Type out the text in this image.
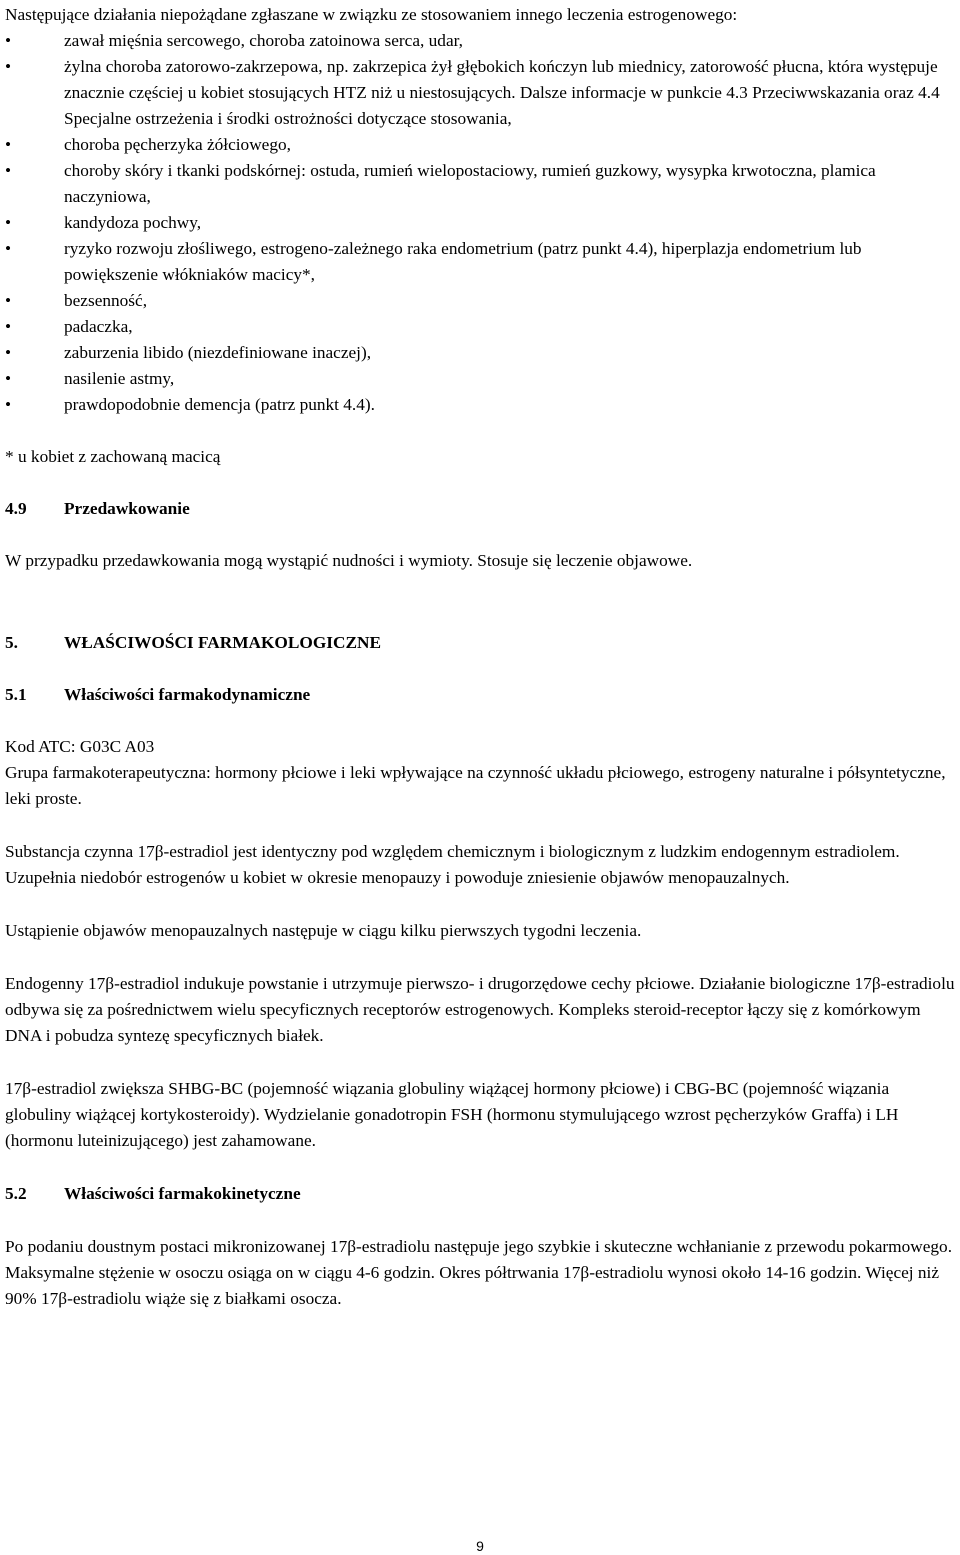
Następujące działania niepożądane zgłaszane w związku ze stosowaniem innego leczenia estrogenowego:

•	zawał mięśnia sercowego, choroba zatoinowa serca, udar,
•	żylna choroba zatorowo-zakrzepowa, np. zakrzepica żył głębokich kończyn lub miednicy, zatorowość płucna, która występuje znacznie częściej u kobiet stosujących HTZ niż u niestosujących. Dalsze informacje w punkcie 4.3 Przeciwwskazania oraz 4.4 Specjalne ostrzeżenia i środki ostrożności dotyczące stosowania,
•	choroba pęcherzyka żółciowego,
•	choroby skóry i tkanki podskórnej: ostuda, rumień wielopostaciowy, rumień guzkowy, wysypka krwotoczna, plamica naczyniowa,
•	kandydoza pochwy,
•	ryzyko rozwoju złośliwego, estrogeno-zależnego raka endometrium (patrz punkt 4.4), hiperplazja endometrium lub powiększenie włókniaków macicy*,
•	bezsenność,
•	padaczka,
•	zaburzenia libido (niezdefiniowane inaczej),
•	nasilenie astmy,
•	prawdopodobnie demencja (patrz punkt 4.4).

* u kobiet z zachowaną macicą

4.9	Przedawkowanie

W przypadku przedawkowania mogą wystąpić nudności i wymioty. Stosuje się leczenie objawowe.

5.	WŁAŚCIWOŚCI FARMAKOLOGICZNE
5.1	Właściwości farmakodynamiczne

Kod ATC: G03C A03

Grupa farmakoterapeutyczna: hormony płciowe i leki wpływające na czynność układu płciowego, estrogeny naturalne i półsyntetyczne, leki proste.

Substancja czynna 17β-estradiol jest identyczny pod względem chemicznym i biologicznym z ludzkim endogennym estradiolem. Uzupełnia niedobór estrogenów u kobiet w okresie menopauzy i powoduje zniesienie objawów menopauzalnych.

Ustąpienie objawów menopauzalnych następuje w ciągu kilku pierwszych tygodni leczenia.

Endogenny 17β-estradiol indukuje powstanie i utrzymuje pierwszo- i drugorzędowe cechy płciowe. Działanie biologiczne 17β-estradiolu odbywa się za pośrednictwem wielu specyficznych receptorów estrogenowych. Kompleks steroid-receptor łączy się z komórkowym DNA i pobudza syntezę specyficznych białek.

17β-estradiol zwiększa SHBG-BC (pojemność wiązania globuliny wiążącej hormony płciowe) i CBG-BC (pojemność wiązania globuliny wiążącej kortykosteroidy). Wydzielanie gonadotropin FSH (hormonu stymulującego wzrost pęcherzyków Graffa) i LH (hormonu luteinizującego) jest zahamowane.

5.2	Właściwości farmakokinetyczne

Po podaniu doustnym postaci mikronizowanej 17β-estradiolu następuje jego szybkie i skuteczne wchłanianie z przewodu pokarmowego. Maksymalne stężenie w osoczu osiąga on w ciągu 4-6 godzin. Okres półtrwania 17β-estradiolu wynosi około 14-16 godzin. Więcej niż 90% 17β-estradiolu wiąże się z białkami osocza.

9
